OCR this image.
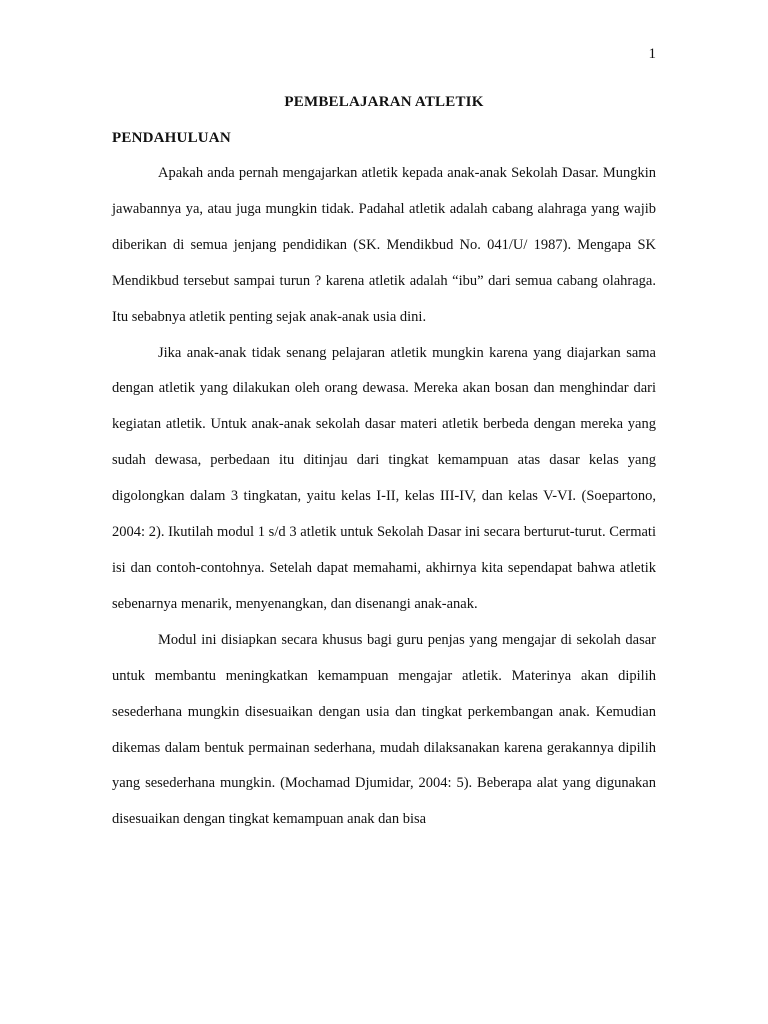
1
PEMBELAJARAN ATLETIK
PENDAHULUAN

Apakah anda pernah mengajarkan atletik kepada anak-anak Sekolah Dasar. Mungkin jawabannya ya, atau juga mungkin tidak. Padahal atletik adalah cabang alahraga yang wajib diberikan di semua jenjang pendidikan (SK. Mendikbud No. 041/U/ 1987). Mengapa SK Mendikbud tersebut sampai turun ? karena atletik adalah “ibu” dari semua cabang olahraga. Itu sebabnya atletik penting sejak anak-anak usia dini.

Jika anak-anak tidak senang pelajaran atletik mungkin karena yang diajarkan sama dengan atletik yang dilakukan oleh orang dewasa. Mereka akan bosan dan menghindar dari kegiatan atletik. Untuk anak-anak sekolah dasar materi atletik berbeda dengan mereka yang sudah dewasa, perbedaan itu ditinjau dari tingkat kemampuan atas dasar kelas yang digolongkan dalam 3 tingkatan, yaitu kelas I-II, kelas III-IV, dan kelas V-VI. (Soepartono, 2004: 2). Ikutilah modul 1 s/d 3 atletik untuk Sekolah Dasar ini secara berturut-turut. Cermati isi dan contoh-contohnya. Setelah dapat memahami, akhirnya kita sependapat bahwa atletik sebenarnya menarik, menyenangkan, dan disenangi anak-anak.

Modul ini disiapkan secara khusus bagi guru penjas yang mengajar di sekolah dasar untuk membantu meningkatkan kemampuan mengajar atletik. Materinya akan dipilih sesederhana mungkin disesuaikan dengan usia dan tingkat perkembangan anak. Kemudian dikemas dalam bentuk permainan sederhana, mudah dilaksanakan karena gerakannya dipilih yang sesederhana mungkin. (Mochamad Djumidar, 2004: 5). Beberapa alat yang digunakan disesuaikan dengan tingkat kemampuan anak dan bisa
